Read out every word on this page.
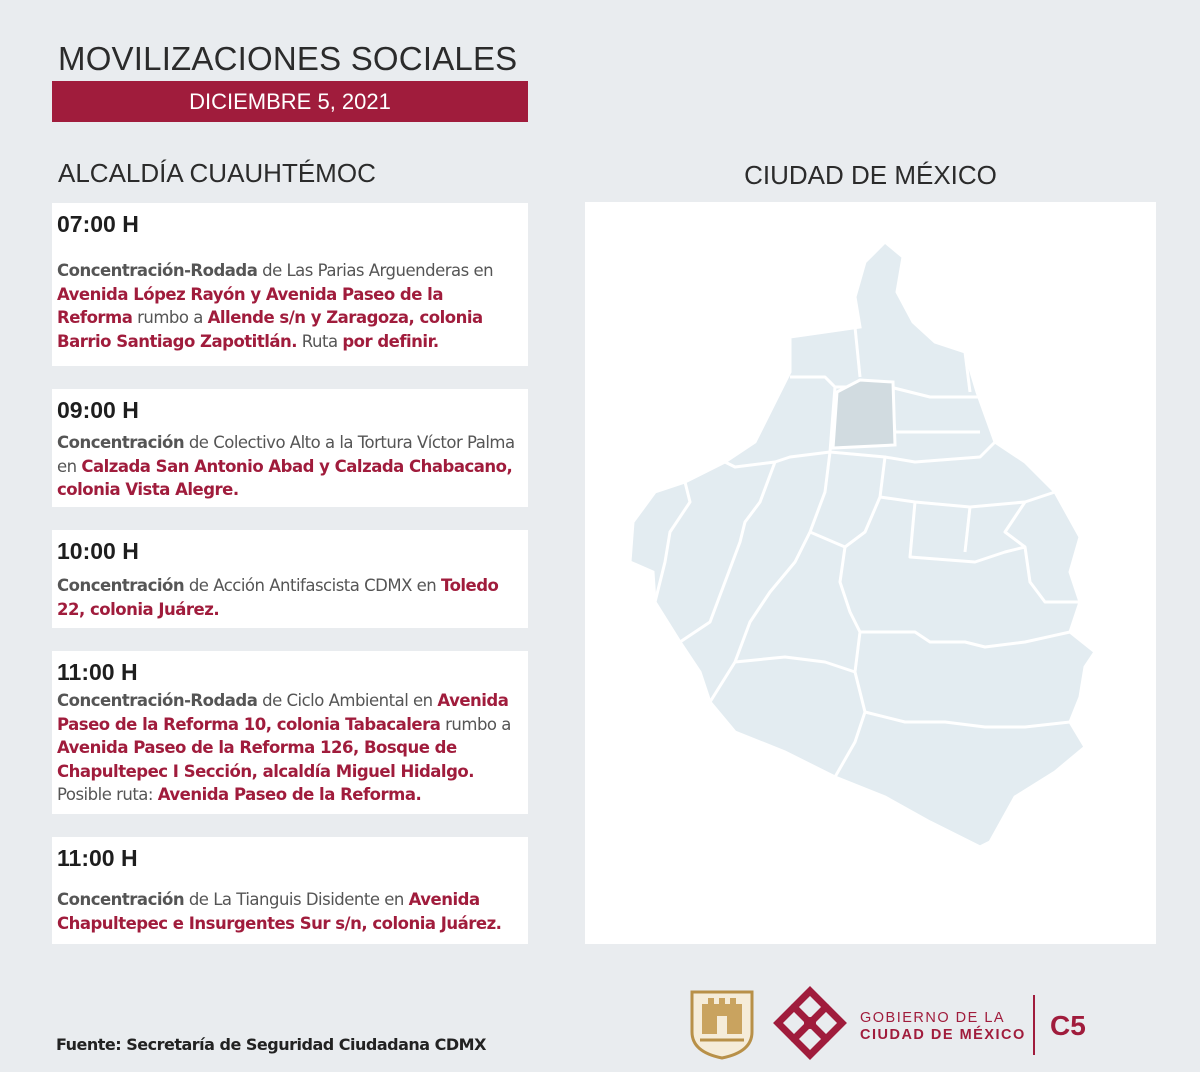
MOVILIZACIONES SOCIALES
DICIEMBRE 5, 2021
ALCALDÍA CUAUHTÉMOC	CIUDAD DE MÉXICO
07:00 H
Concentración-Rodada de Las Parias Arguenderas en Avenida López Rayón y Avenida Paseo de la Reforma rumbo a Allende s/n y Zaragoza, colonia Barrio Santiago Zapotitlán. Ruta por definir.
09:00 H
Concentración de Colectivo Alto a la Tortura Víctor Palma en Calzada San Antonio Abad y Calzada Chabacano, colonia Vista Alegre.
10:00 H
Concentración de Acción Antifascista CDMX en Toledo 22, colonia Juárez.
11:00 H
Concentración-Rodada de Ciclo Ambiental en Avenida Paseo de la Reforma 10, colonia Tabacalera rumbo a Avenida Paseo de la Reforma 126, Bosque de Chapultepec I Sección, alcaldía Miguel Hidalgo. Posible ruta: Avenida Paseo de la Reforma.
11:00 H
Concentración de La Tianguis Disidente en Avenida Chapultepec e Insurgentes Sur s/n, colonia Juárez.
Fuente: Secretaría de Seguridad Ciudadana CDMX
GOBIERNO DE LA
CIUDAD DE MÉXICO C5
